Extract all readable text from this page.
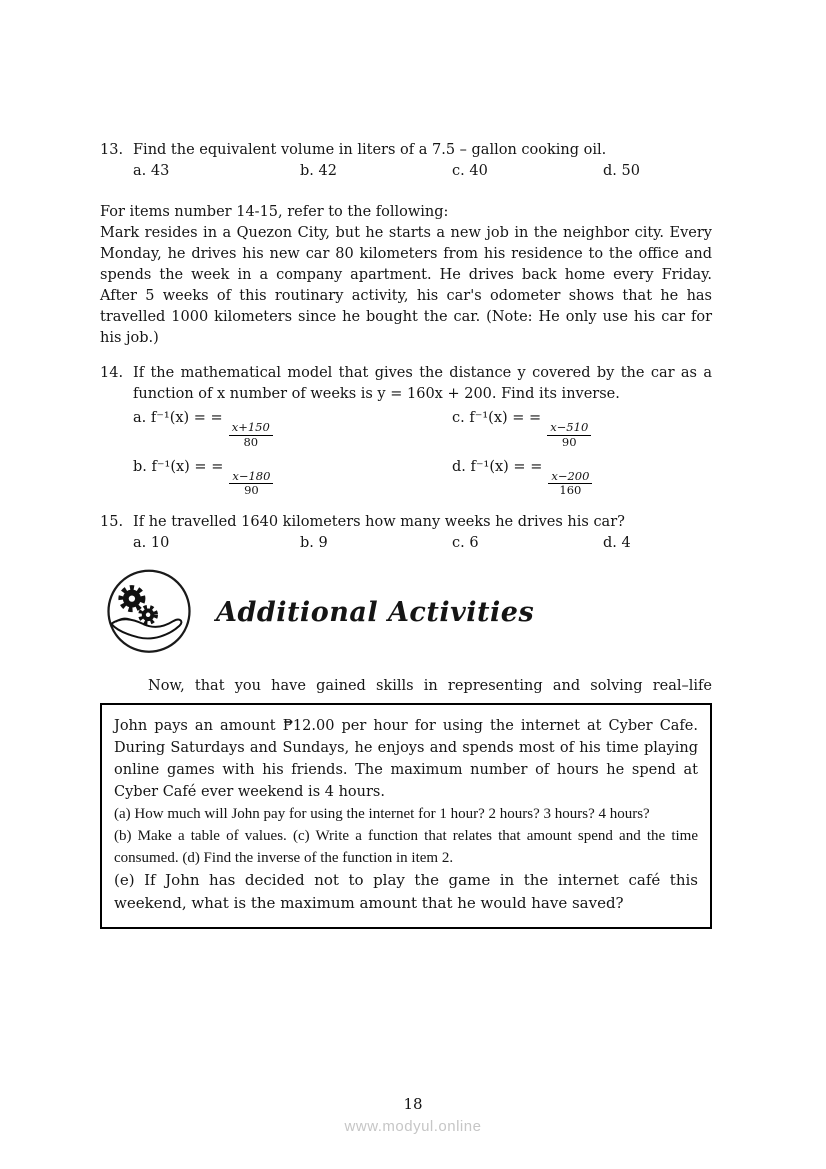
13. Find the equivalent volume in liters of a 7.5 – gallon cooking oil.
a. 43	b. 42	c. 40	d. 50

For items number 14-15, refer to the following:

Mark resides in a Quezon City, but he starts a new job in the neighbor city. Every Monday, he drives his new car 80 kilometers from his residence to the office and spends the week in a company apartment. He drives back home every Friday. After 5 weeks of this routinary activity, his car's odometer shows that he has travelled 1000 kilometers since he bought the car. (Note: He only use his car for his job.)

14. If the mathematical model that gives the distance y covered by the car as a function of x number of weeks is y = 160x + 200. Find its inverse.
a. f⁻¹(x) = =
$\frac{x+150}{80}$
c. f⁻¹(x) = =
$\frac{x-510}{90}$
b. f⁻¹(x) = =
$\frac{x-180}{90}$
d. f⁻¹(x) = =
$\frac{x-200}{160}$
15. If he travelled 1640 kilometers how many weeks he drives his car?
a. 10	b. 9	c. 6	d. 4
Additional Activities

Now, that you have gained skills in representing and solving real–life

John pays an amount ₱12.00 per hour for using the internet at Cyber Cafe. During Saturdays and Sundays, he enjoys and spends most of his time playing online games with his friends. The maximum number of hours he spend at Cyber Café ever weekend is 4 hours.

(a) How much will John pay for using the internet for 1 hour? 2 hours? 3 hours? 4 hours?

(b) Make a table of values. (c) Write a function that relates that amount spend and the time consumed. (d) Find the inverse of the function in item 2.

(e) If John has decided not to play the game in the internet café this weekend, what is the maximum amount that he would have saved?

18
www.modyul.online
